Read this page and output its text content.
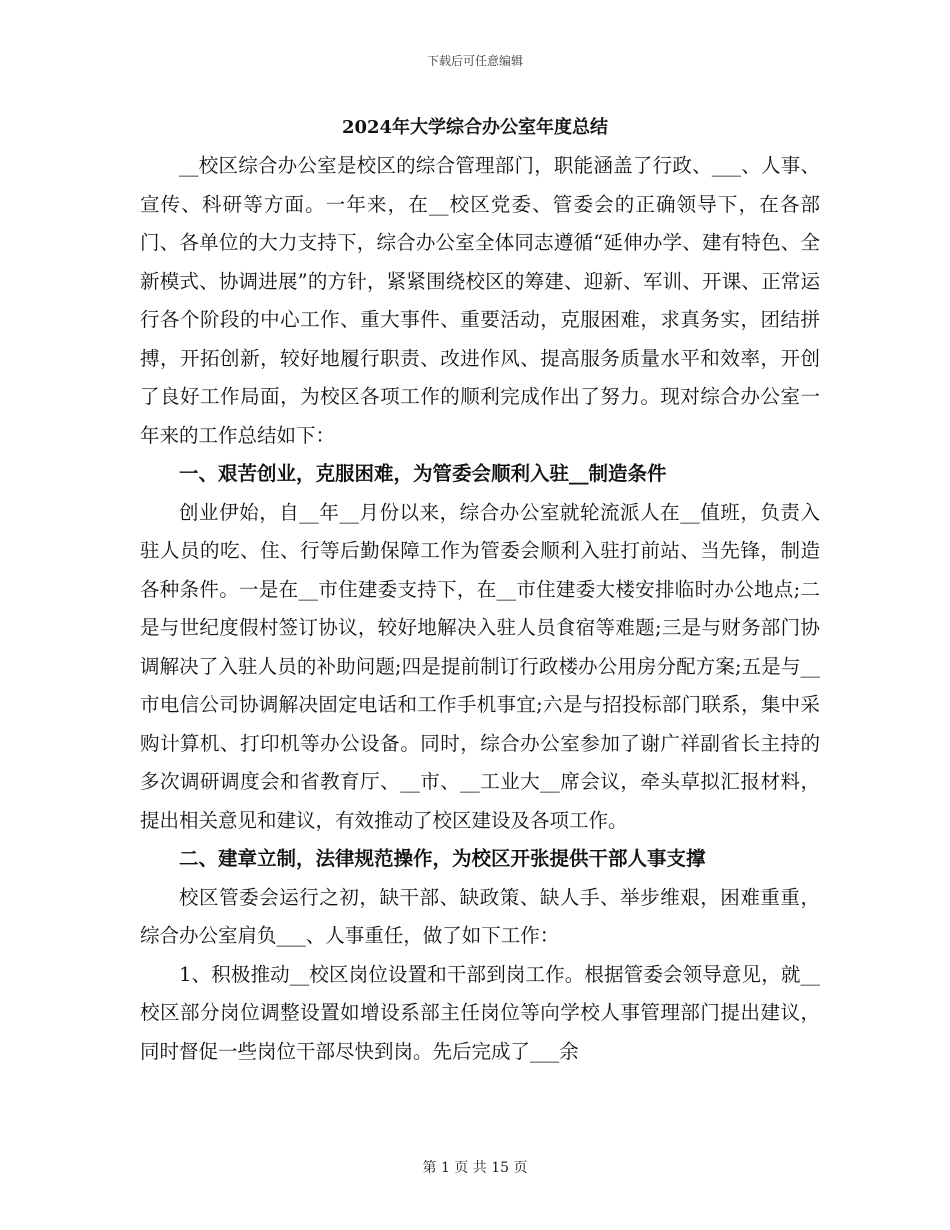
下载后可任意编辑
2024年大学综合办公室年度总结

__校区综合办公室是校区的综合管理部门，职能涵盖了行政、___、人事、宣传、科研等方面。一年来，在__校区党委、管委会的正确领导下，在各部门、各单位的大力支持下，综合办公室全体同志遵循“延伸办学、建有特色、全新模式、协调进展”的方针，紧紧围绕校区的筹建、迎新、军训、开课、正常运行各个阶段的中心工作、重大事件、重要活动，克服困难，求真务实，团结拼搏，开拓创新，较好地履行职责、改进作风、提高服务质量水平和效率，开创了良好工作局面，为校区各项工作的顺利完成作出了努力。现对综合办公室一年来的工作总结如下：

一、艰苦创业，克服困难，为管委会顺利入驻__制造条件

创业伊始，自__年__月份以来，综合办公室就轮流派人在__值班，负责入驻人员的吃、住、行等后勤保障工作为管委会顺利入驻打前站、当先锋，制造各种条件。一是在__市住建委支持下，在__市住建委大楼安排临时办公地点;二是与世纪度假村签订协议，较好地解决入驻人员食宿等难题;三是与财务部门协调解决了入驻人员的补助问题;四是提前制订行政楼办公用房分配方案;五是与__市电信公司协调解决固定电话和工作手机事宜;六是与招投标部门联系，集中采购计算机、打印机等办公设备。同时，综合办公室参加了谢广祥副省长主持的多次调研调度会和省教育厅、__市、__工业大__席会议，牵头草拟汇报材料，提出相关意见和建议，有效推动了校区建设及各项工作。

二、建章立制，法律规范操作，为校区开张提供干部人事支撑

校区管委会运行之初，缺干部、缺政策、缺人手、举步维艰，困难重重，综合办公室肩负___、人事重任，做了如下工作：

1、积极推动__校区岗位设置和干部到岗工作。根据管委会领导意见，就__校区部分岗位调整设置如增设系部主任岗位等向学校人事管理部门提出建议，同时督促一些岗位干部尽快到岗。先后完成了___余

第 1 页 共 15 页
